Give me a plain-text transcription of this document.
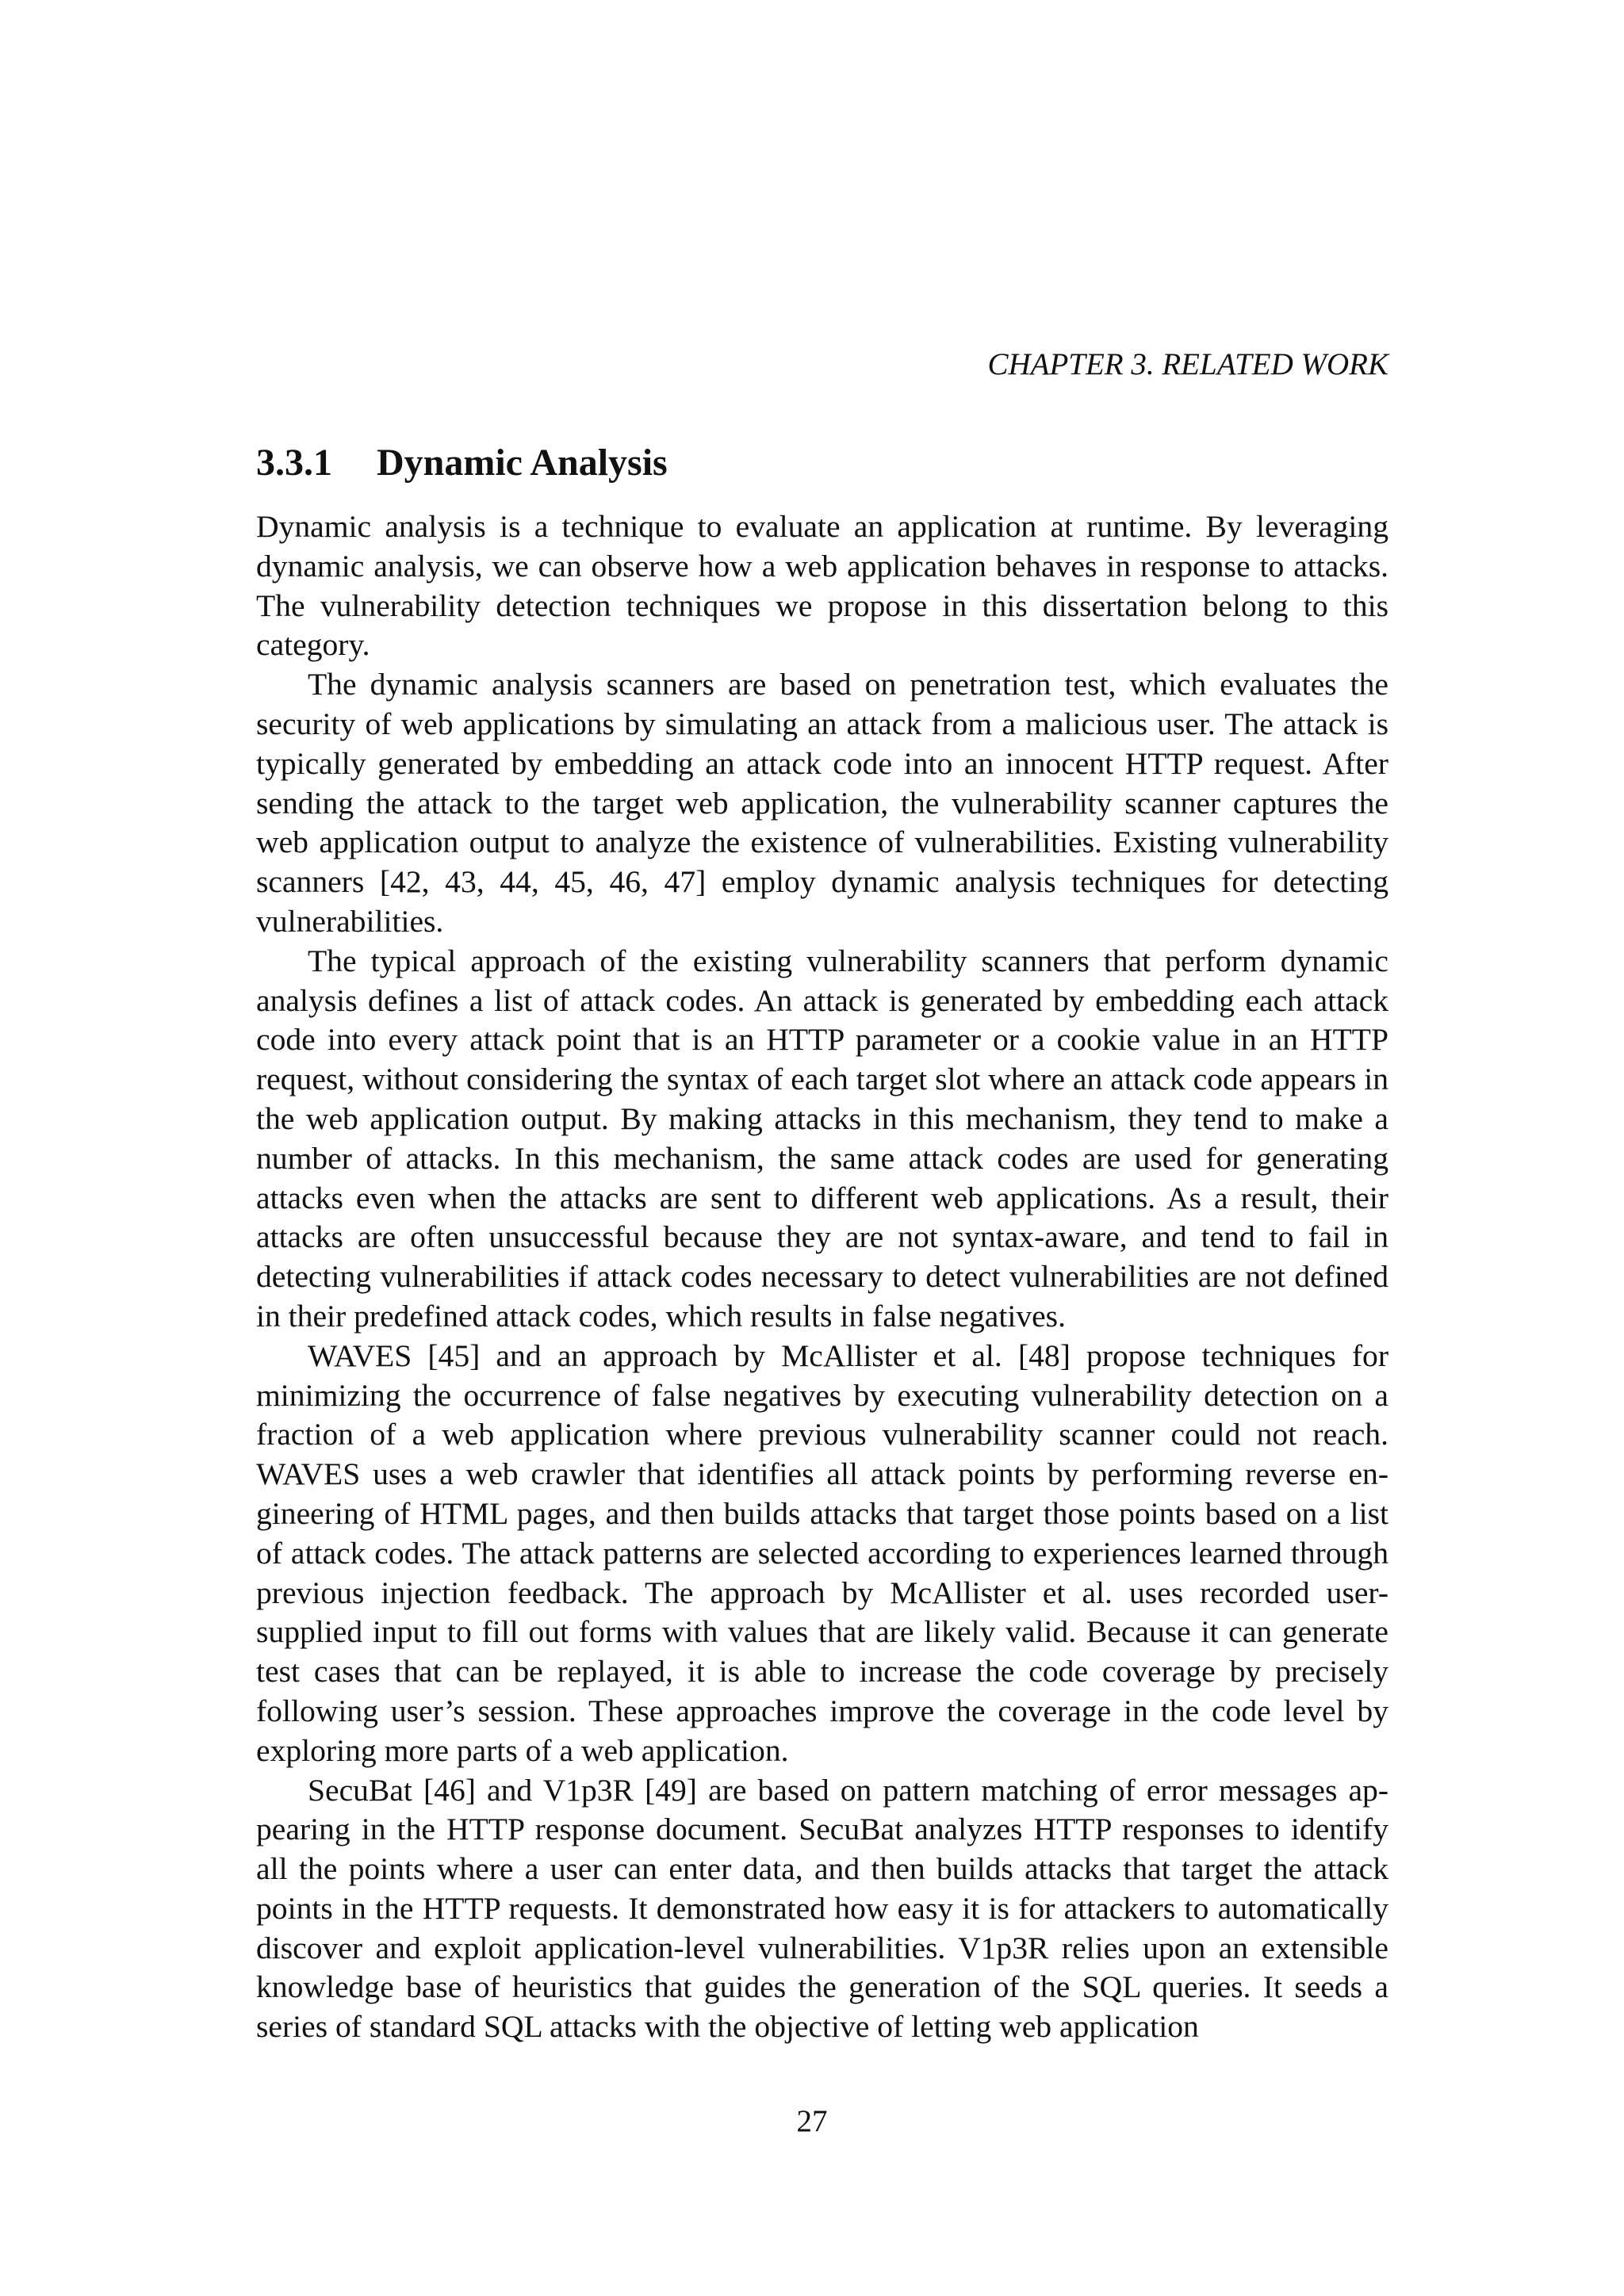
CHAPTER 3. RELATED WORK
3.3.1 Dynamic Analysis

Dynamic analysis is a technique to evaluate an application at runtime. By leveraging dynamic analysis, we can observe how a web application behaves in response to attacks. The vulnerability detection techniques we propose in this dissertation belong to this category.

The dynamic analysis scanners are based on penetration test, which evaluates the security of web applications by simulating an attack from a malicious user. The attack is typically generated by embedding an attack code into an innocent HTTP request. After sending the attack to the target web application, the vulnerability scanner captures the web application output to analyze the existence of vulnerabilities. Existing vulnerability scanners [42, 43, 44, 45, 46, 47] employ dynamic analysis techniques for detecting vulnerabilities.

The typical approach of the existing vulnerability scanners that perform dynamic analysis defines a list of attack codes. An attack is generated by embedding each attack code into every attack point that is an HTTP parameter or a cookie value in an HTTP request, without considering the syntax of each target slot where an attack code appears in the web application output. By making attacks in this mechanism, they tend to make a number of attacks. In this mechanism, the same attack codes are used for generating attacks even when the attacks are sent to different web applications. As a result, their attacks are often unsuccessful because they are not syntax-aware, and tend to fail in detecting vulnerabilities if attack codes necessary to detect vulnerabilities are not defined in their predefined attack codes, which results in false negatives.

WAVES [45] and an approach by McAllister et al. [48] propose techniques for minimizing the occurrence of false negatives by executing vulnerability detection on a fraction of a web application where previous vulnerability scanner could not reach. WAVES uses a web crawler that identifies all attack points by performing reverse engineering of HTML pages, and then builds attacks that target those points based on a list of attack codes. The attack patterns are selected according to experiences learned through previous injection feedback. The approach by McAllister et al. uses recorded user-supplied input to fill out forms with values that are likely valid. Because it can generate test cases that can be replayed, it is able to increase the code coverage by precisely following user’s session. These approaches improve the coverage in the code level by exploring more parts of a web application.

SecuBat [46] and V1p3R [49] are based on pattern matching of error messages appearing in the HTTP response document. SecuBat analyzes HTTP responses to identify all the points where a user can enter data, and then builds attacks that target the attack points in the HTTP requests. It demonstrated how easy it is for attackers to automatically discover and exploit application-level vulnerabilities. V1p3R relies upon an extensible knowledge base of heuristics that guides the generation of the SQL queries. It seeds a series of standard SQL attacks with the objective of letting web application

27
